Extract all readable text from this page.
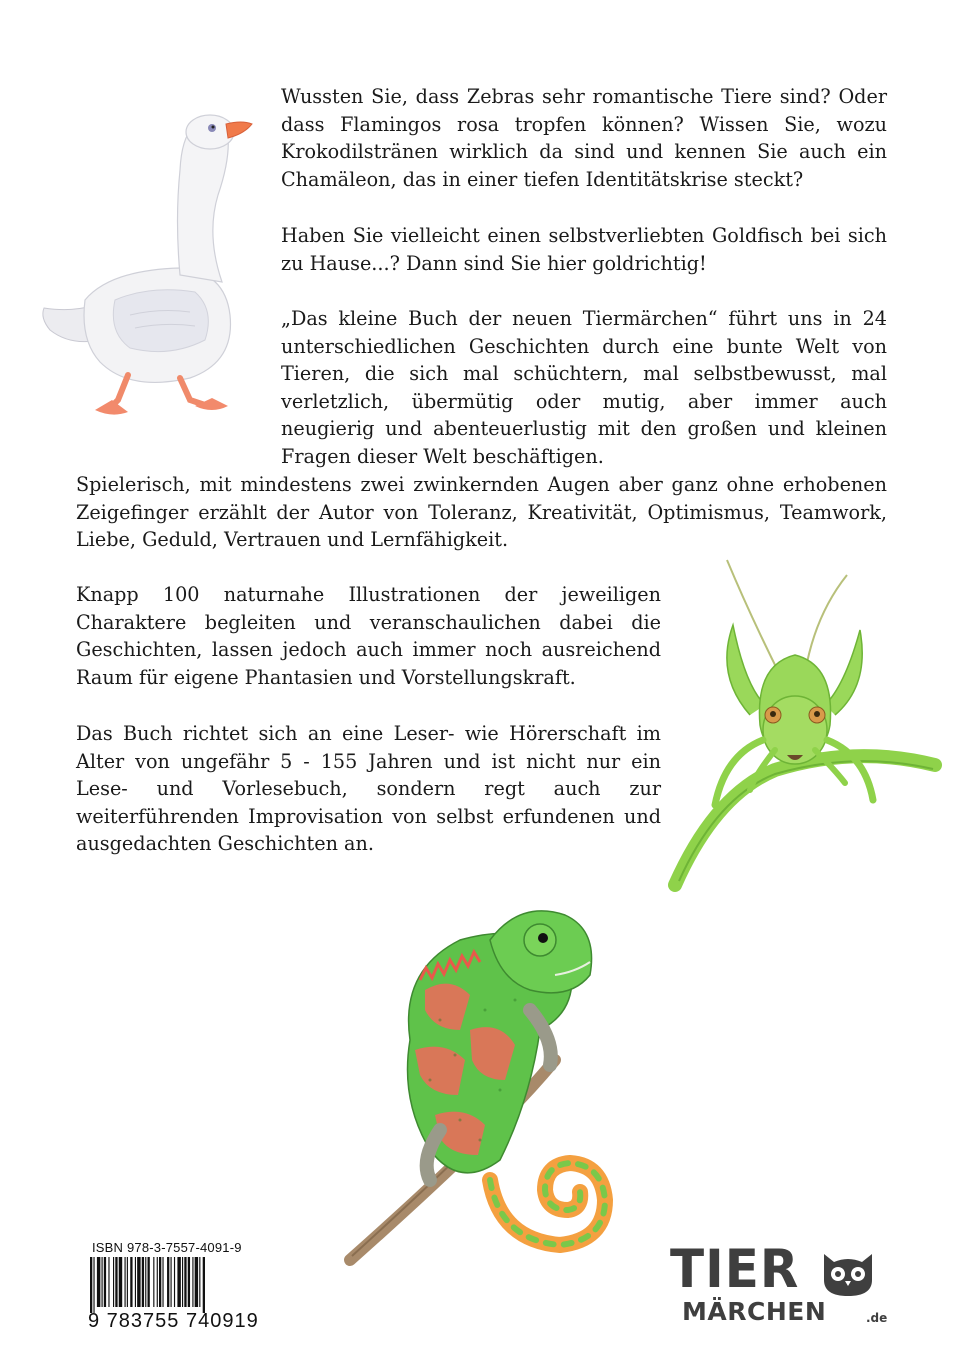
Wussten Sie, dass Zebras sehr romantische Tiere sind? Oder dass Flamingos rosa tropfen können? Wissen Sie, wozu Krokodilstränen wirklich da sind und kennen Sie auch ein Chamäleon, das in einer tiefen Identitätskrise steckt?

Haben Sie vielleicht einen selbstverliebten Goldfisch bei sich zu Hause...? Dann sind Sie hier goldrichtig!

„Das kleine Buch der neuen Tiermärchen“ führt uns in 24 unterschiedlichen Geschichten durch eine bunte Welt von Tieren, die sich mal schüchtern, mal selbstbewusst, mal verletzlich, übermütig oder mutig, aber immer auch neugierig und abenteuerlustig mit den großen und kleinen Fragen dieser Welt beschäftigen.

Spielerisch, mit mindestens zwei zwinkernden Augen aber ganz ohne erhobenen Zeigefinger erzählt der Autor von Toleranz, Kreativität, Optimismus, Teamwork, Liebe, Geduld, Vertrauen und Lernfähigkeit.

Knapp 100 naturnahe Illustrationen der jeweiligen Charaktere begleiten und veranschaulichen dabei die Geschichten, lassen jedoch auch immer noch ausreichend Raum für eigene Phantasien und Vorstellungskraft.

Das Buch richtet sich an eine Leser- wie Hörerschaft im Alter von ungefähr 5 - 155 Jahren und ist nicht nur ein Lese- und Vorlesebuch, sondern regt auch zur weiterführenden Improvisation von selbst erfundenen und ausgedachten Geschichten an.

ISBN 978-3-7557-4091-9
9 783755 740919
TIER
MÄRCHEN	.de
